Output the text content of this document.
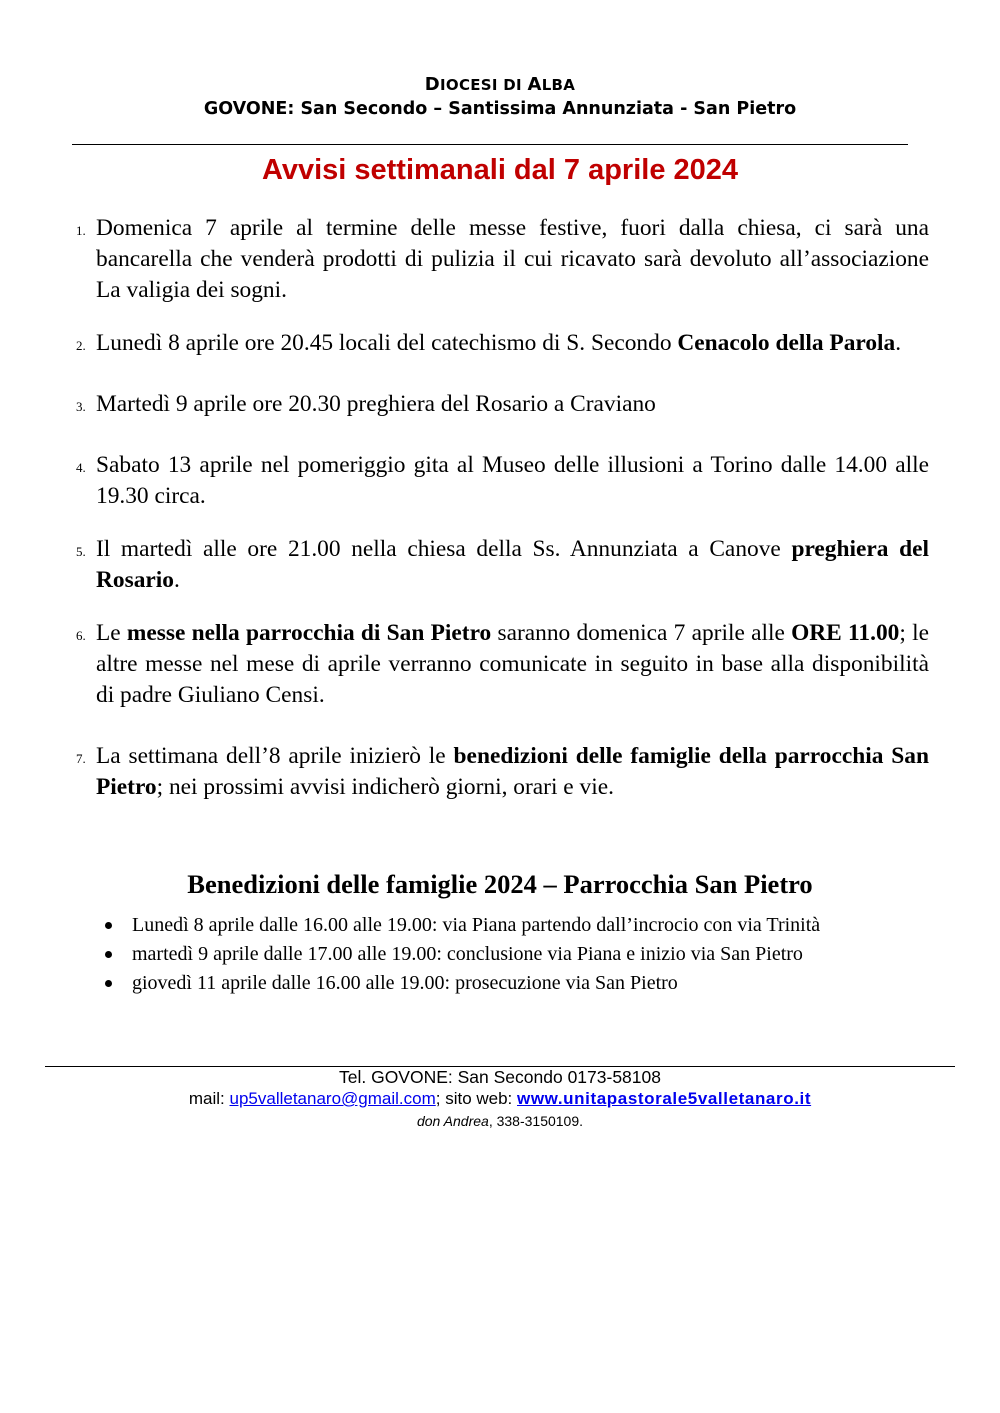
DIOCESI DI ALBA
GOVONE: San Secondo – Santissima Annunziata - San Pietro
Avvisi settimanali dal 7 aprile 2024
1. Domenica 7 aprile al termine delle messe festive, fuori dalla chiesa, ci sarà una bancarella che venderà prodotti di pulizia il cui ricavato sarà devoluto all’associazione La valigia dei sogni.
2. Lunedì 8 aprile ore 20.45 locali del catechismo di S. Secondo Cenacolo della Parola.
3. Martedì 9 aprile ore 20.30 preghiera del Rosario a Craviano
4. Sabato 13 aprile nel pomeriggio gita al Museo delle illusioni a Torino dalle 14.00 alle 19.30 circa.
5. Il martedì alle ore 21.00 nella chiesa della Ss. Annunziata a Canove preghiera del Rosario.
6. Le messe nella parrocchia di San Pietro saranno domenica 7 aprile alle ORE 11.00; le altre messe nel mese di aprile verranno comunicate in seguito in base alla disponibilità di padre Giuliano Censi.
7. La settimana dell’8 aprile inizierò le benedizioni delle famiglie della parrocchia San Pietro; nei prossimi avvisi indicherò giorni, orari e vie.
Benedizioni delle famiglie 2024 – Parrocchia San Pietro
Lunedì 8 aprile dalle 16.00 alle 19.00: via Piana partendo dall’incrocio con via Trinità
martedì 9 aprile dalle 17.00 alle 19.00: conclusione via Piana e inizio via San Pietro
giovedì 11 aprile dalle 16.00 alle 19.00: prosecuzione via San Pietro
Tel. GOVONE: San Secondo 0173-58108
mail: up5valletanaro@gmail.com; sito web: www.unitapastorale5valletanaro.it
don Andrea, 338-3150109.
